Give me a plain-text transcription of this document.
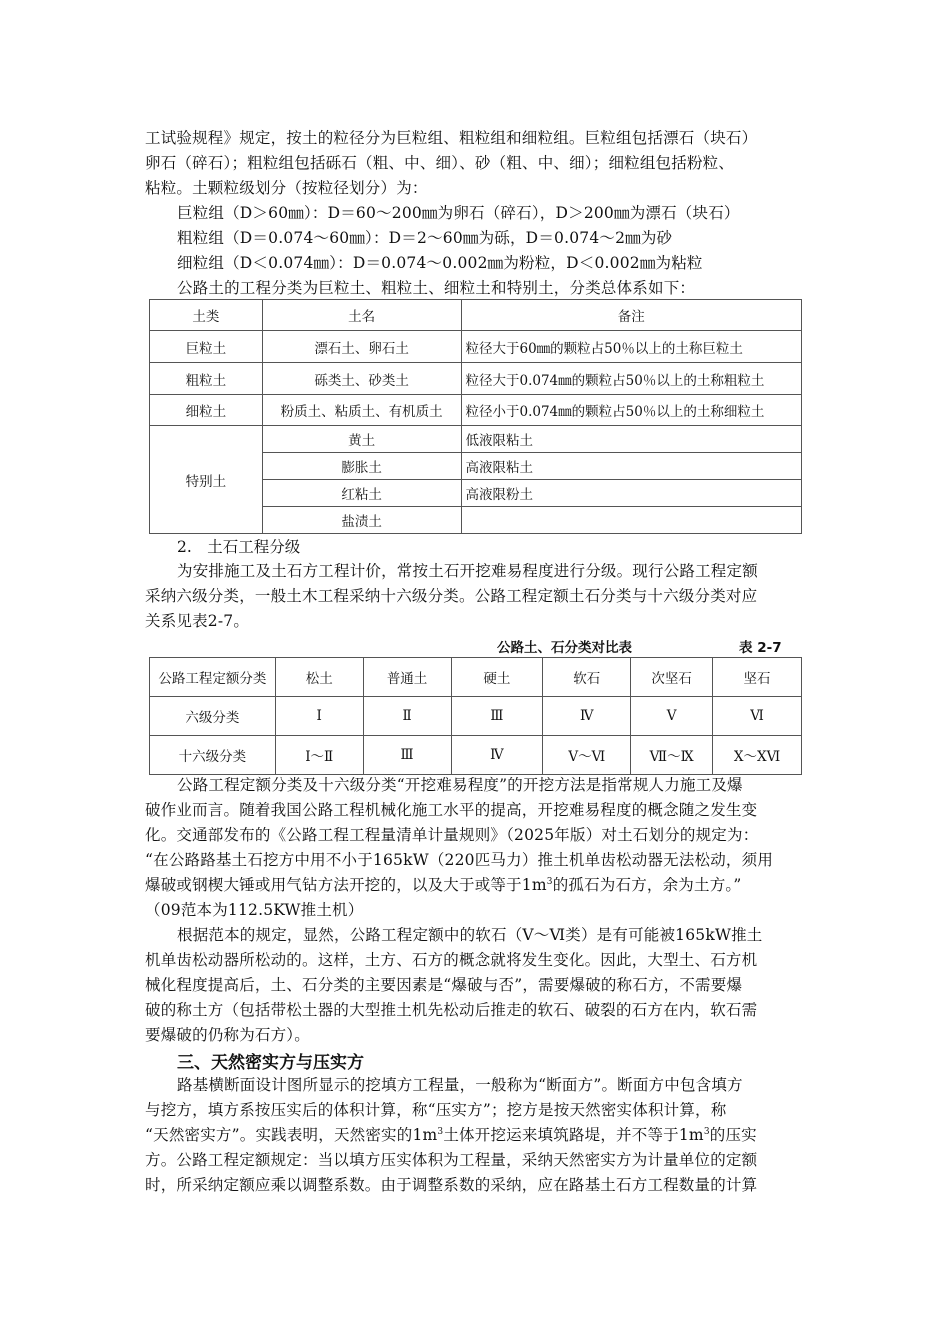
工试验规程》规定，按土的粒径分为巨粒组、粗粒组和细粒组。巨粒组包括漂石（块石）
卵石（碎石）；粗粒组包括砾石（粗、中、细）、砂（粗、中、细）；细粒组包括粉粒、
粘粒。土颗粒级划分（按粒径划分）为：
巨粒组（D＞60㎜）：D＝60～200㎜为卵石（碎石），D＞200㎜为漂石（块石）
粗粒组（D＝0.074～60㎜）：D＝2～60㎜为砾，D＝0.074～2㎜为砂
细粒组（D＜0.074㎜）：D＝0.074～0.002㎜为粉粒，D＜0.002㎜为粘粒
公路土的工程分类为巨粒土、粗粒土、细粒土和特别土，分类总体系如下：
土类	土名	备注
巨粒土	漂石土、卵石土	粒径大于60㎜的颗粒占50％以上的土称巨粒土
粗粒土	砾类土、砂类土	粒径大于0.074㎜的颗粒占50％以上的土称粗粒土
细粒土	粉质土、粘质土、有机质土	粒径小于0.074㎜的颗粒占50％以上的土称细粒土
特别土	黄土	低液限粘土
	膨胀土	高液限粘土
	红粘土	高液限粉土
	盐渍土	
2.　土石工程分级
为安排施工及土石方工程计价，常按土石开挖难易程度进行分级。现行公路工程定额
采纳六级分类，一般土木工程采纳十六级分类。公路工程定额土石分类与十六级分类对应
关系见表2-7。
公路土、石分类对比表	表 2-7
公路工程定额分类	松土	普通土	硬土	软石	次坚石	坚石
六级分类	Ⅰ	Ⅱ	Ⅲ	Ⅳ	Ⅴ	Ⅵ
十六级分类	Ⅰ～Ⅱ	Ⅲ	Ⅳ	Ⅴ～Ⅵ	Ⅶ～Ⅸ	Ⅹ～ⅩⅥ
公路工程定额分类及十六级分类“开挖难易程度”的开挖方法是指常规人力施工及爆
破作业而言。随着我国公路工程机械化施工水平的提高，开挖难易程度的概念随之发生变
化。交通部发布的《公路工程工程量清单计量规则》（2025年版）对土石划分的规定为：
“在公路路基土石挖方中用不小于165kW（220匹马力）推土机单齿松动器无法松动，须用
爆破或钢楔大锤或用气钻方法开挖的，以及大于或等于$1m^3$的孤石为石方，余为土方。”
（09范本为112.5KW推土机）
根据范本的规定，显然，公路工程定额中的软石（Ⅴ～Ⅵ类）是有可能被165kW推土
机单齿松动器所松动的。这样，土方、石方的概念就将发生变化。因此，大型土、石方机
械化程度提高后，土、石分类的主要因素是“爆破与否”，需要爆破的称石方，不需要爆
破的称土方（包括带松土器的大型推土机先松动后推走的软石、破裂的石方在内，软石需
要爆破的仍称为石方）。
三、天然密实方与压实方
路基横断面设计图所显示的挖填方工程量，一般称为“断面方”。断面方中包含填方
与挖方，填方系按压实后的体积计算，称“压实方”；挖方是按天然密实体积计算，称
“天然密实方”。实践表明，天然密实的$1m^3$土体开挖运来填筑路堤，并不等于$1m^3$的压实
方。公路工程定额规定：当以填方压实体积为工程量，采纳天然密实方为计量单位的定额
时，所采纳定额应乘以调整系数。由于调整系数的采纳，应在路基土石方工程数量的计算
